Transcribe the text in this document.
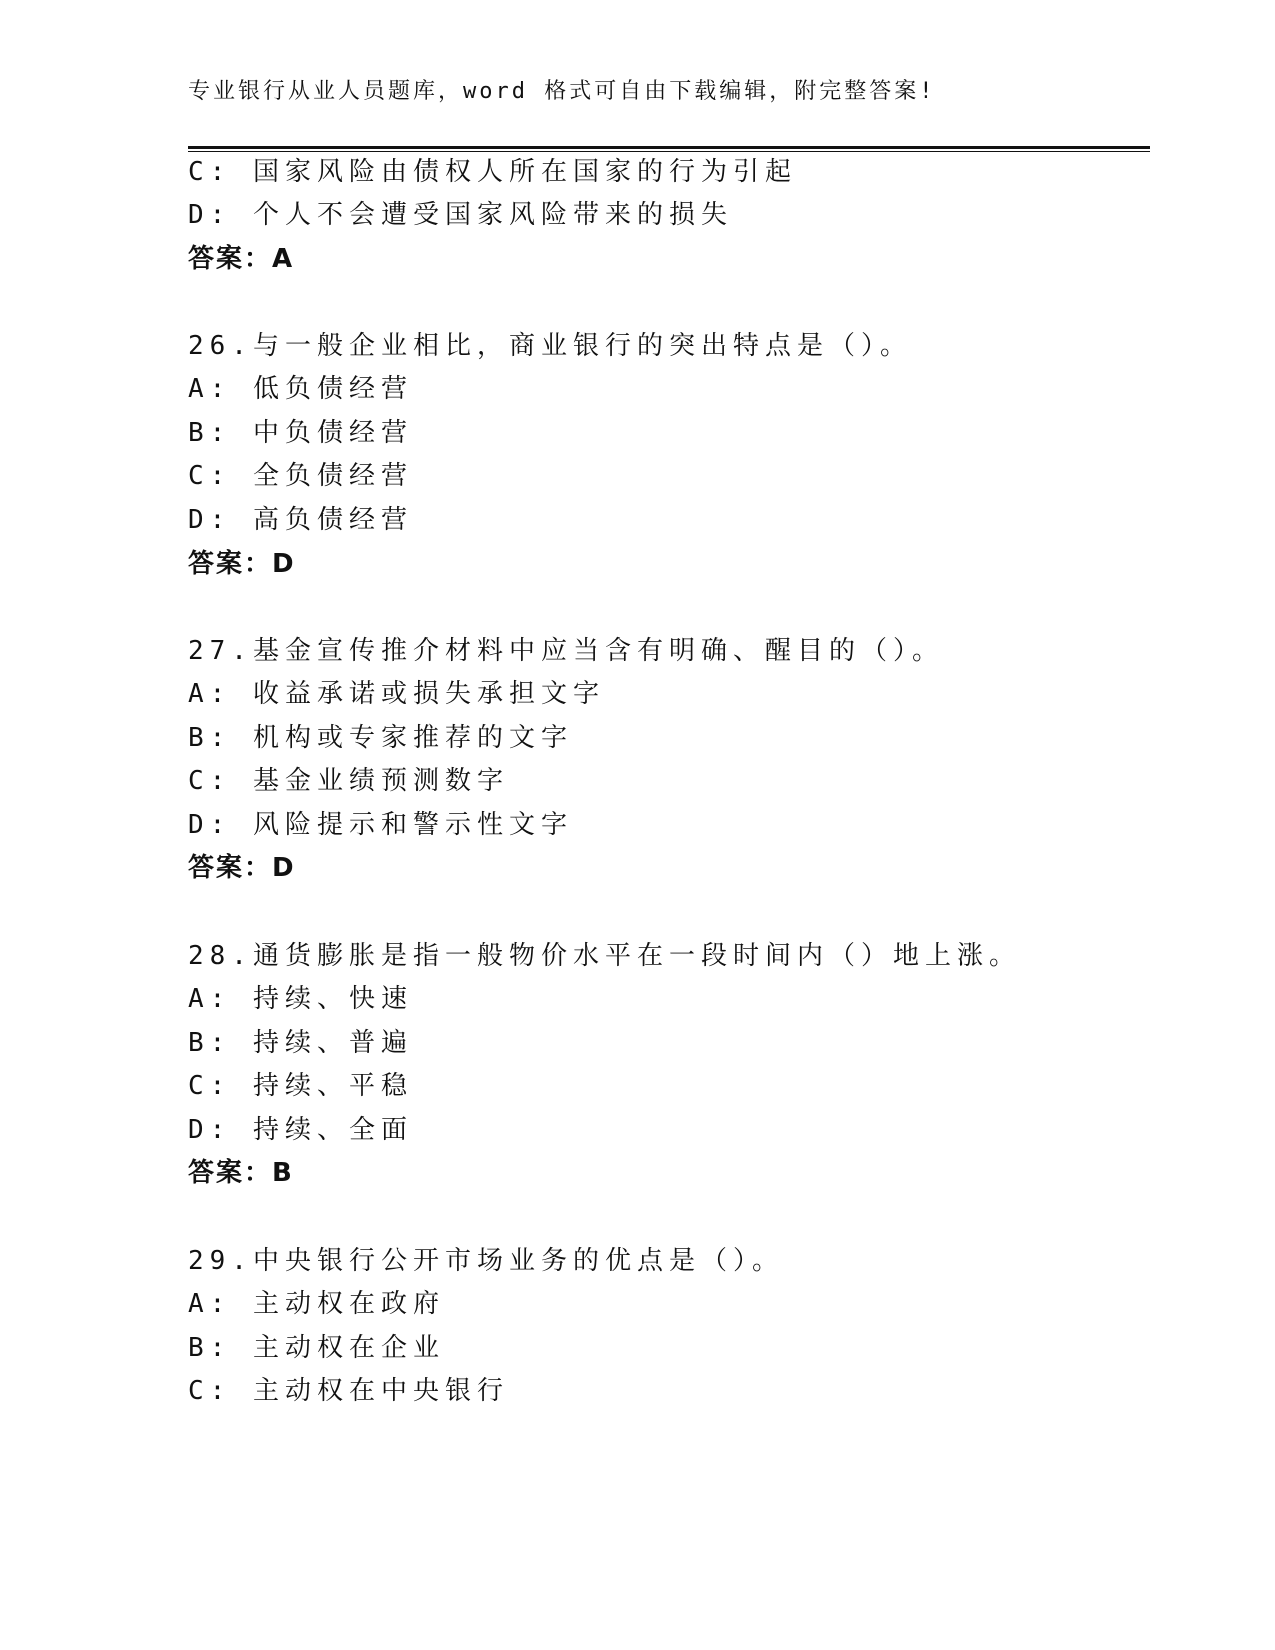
专业银行从业人员题库，word 格式可自由下载编辑，附完整答案!
C: 国家风险由债权人所在国家的行为引起
D: 个人不会遭受国家风险带来的损失
答案：A
26.与一般企业相比，商业银行的突出特点是（）。
A: 低负债经营
B: 中负债经营
C: 全负债经营
D: 高负债经营
答案：D
27.基金宣传推介材料中应当含有明确、醒目的（）。
A: 收益承诺或损失承担文字
B: 机构或专家推荐的文字
C: 基金业绩预测数字
D: 风险提示和警示性文字
答案：D
28.通货膨胀是指一般物价水平在一段时间内（）地上涨。
A: 持续、快速
B: 持续、普遍
C: 持续、平稳
D: 持续、全面
答案：B
29.中央银行公开市场业务的优点是（）。
A: 主动权在政府
B: 主动权在企业
C: 主动权在中央银行
